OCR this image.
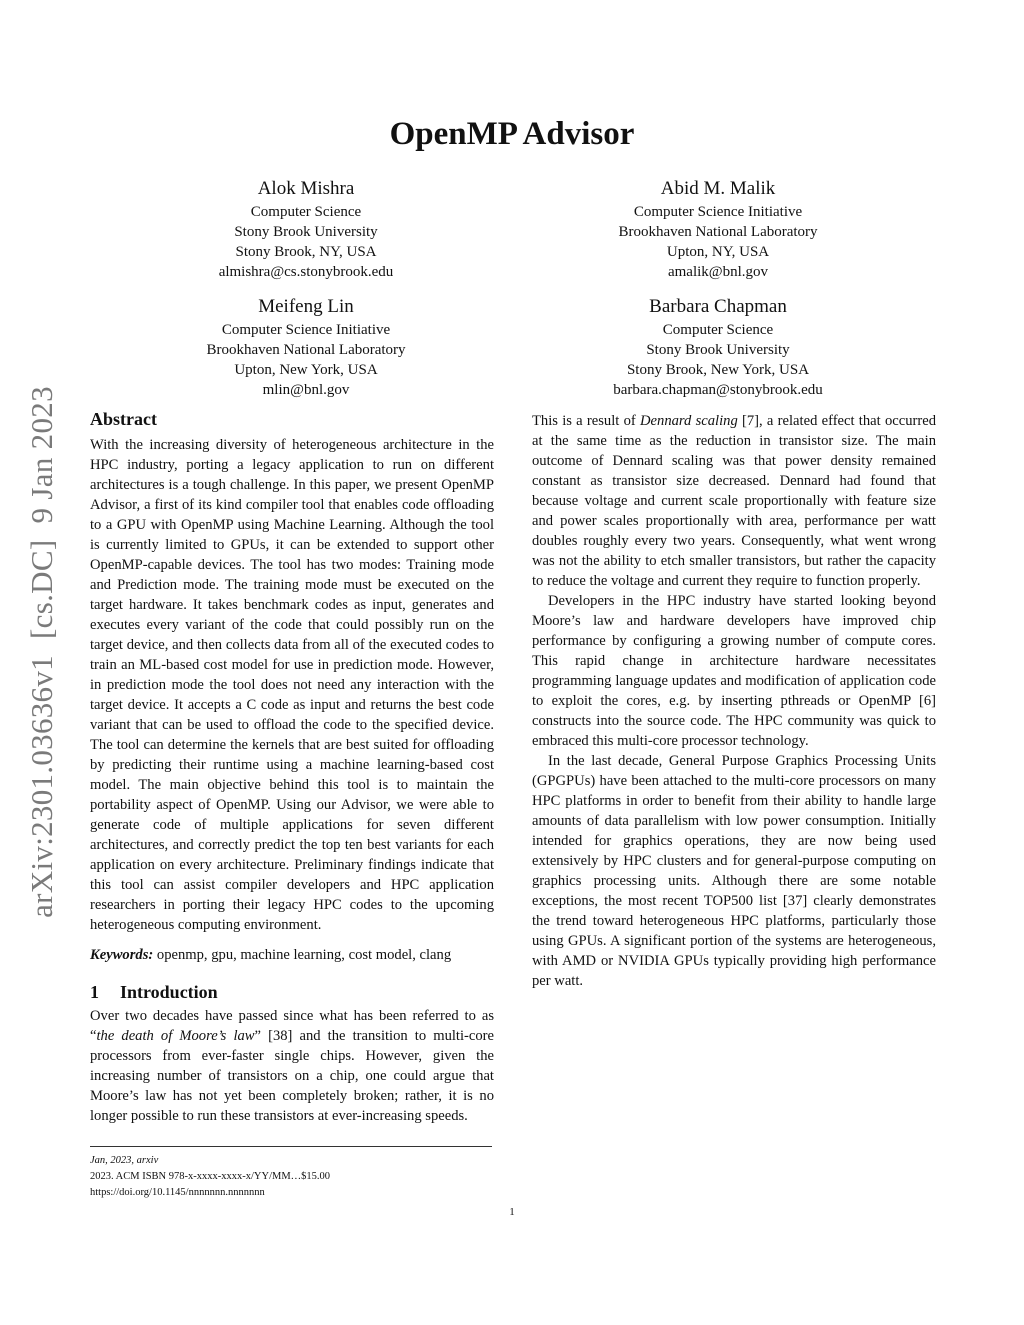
OpenMP Advisor
Alok Mishra
Computer Science
Stony Brook University
Stony Brook, NY, USA
almishra@cs.stonybrook.edu
Abid M. Malik
Computer Science Initiative
Brookhaven National Laboratory
Upton, NY, USA
amalik@bnl.gov
Meifeng Lin
Computer Science Initiative
Brookhaven National Laboratory
Upton, New York, USA
mlin@bnl.gov
Barbara Chapman
Computer Science
Stony Brook University
Stony Brook, New York, USA
barbara.chapman@stonybrook.edu
arXiv:2301.03636v1  [cs.DC]  9 Jan 2023 Abstract

With the increasing diversity of heterogeneous architecture in the HPC industry, porting a legacy application to run on different architectures is a tough challenge. In this paper, we present OpenMP Advisor, a first of its kind compiler tool that enables code offloading to a GPU with OpenMP using Machine Learning. Although the tool is currently limited to GPUs, it can be extended to support other OpenMP-capable devices. The tool has two modes: Training mode and Prediction mode. The training mode must be executed on the target hardware. It takes benchmark codes as input, generates and executes every variant of the code that could possibly run on the target device, and then collects data from all of the executed codes to train an ML-based cost model for use in prediction mode. However, in prediction mode the tool does not need any interaction with the target device. It accepts a C code as input and returns the best code variant that can be used to offload the code to the specified device. The tool can determine the kernels that are best suited for offloading by predicting their runtime using a machine learning-based cost model. The main objective behind this tool is to maintain the portability aspect of OpenMP. Using our Advisor, we were able to generate code of multiple applications for seven different architectures, and correctly predict the top ten best variants for each application on every architecture. Preliminary findings indicate that this tool can assist compiler developers and HPC application researchers in porting their legacy HPC codes to the upcoming heterogeneous computing environment.

Keywords: openmp, gpu, machine learning, cost model, clang

1 Introduction

Over two decades have passed since what has been referred to as “the death of Moore’s law” [38] and the transition to multi-core processors from ever-faster single chips. However, given the increasing number of transistors on a chip, one could argue that Moore’s law has not yet been completely broken; rather, it is no longer possible to run these transistors at ever-increasing speeds.

This is a result of Dennard scaling [7], a related effect that occurred at the same time as the reduction in transistor size. The main outcome of Dennard scaling was that power density remained constant as transistor size decreased. Dennard had found that because voltage and current scale proportionally with feature size and power scales proportionally with area, performance per watt doubles roughly every two years. Consequently, what went wrong was not the ability to etch smaller transistors, but rather the capacity to reduce the voltage and current they require to function properly.

Developers in the HPC industry have started looking beyond Moore’s law and hardware developers have improved chip performance by configuring a growing number of compute cores. This rapid change in architecture hardware necessitates programming language updates and modification of application code to exploit the cores, e.g. by inserting pthreads or OpenMP [6] constructs into the source code. The HPC community was quick to embraced this multi-core processor technology.

In the last decade, General Purpose Graphics Processing Units (GPGPUs) have been attached to the multi-core processors on many HPC platforms in order to benefit from their ability to handle large amounts of data parallelism with low power consumption. Initially intended for graphics operations, they are now being used extensively by HPC clusters and for general-purpose computing on graphics processing units. Although there are some notable exceptions, the most recent TOP500 list [37] clearly demonstrates the trend toward heterogeneous HPC platforms, particularly those using GPUs. A significant portion of the systems are heterogeneous, with AMD or NVIDIA GPUs typically providing high performance per watt.

Jan, 2023, arxiv
2023. ACM ISBN 978-x-xxxx-xxxx-x/YY/MM…$15.00
https://doi.org/10.1145/nnnnnnn.nnnnnnn
1
